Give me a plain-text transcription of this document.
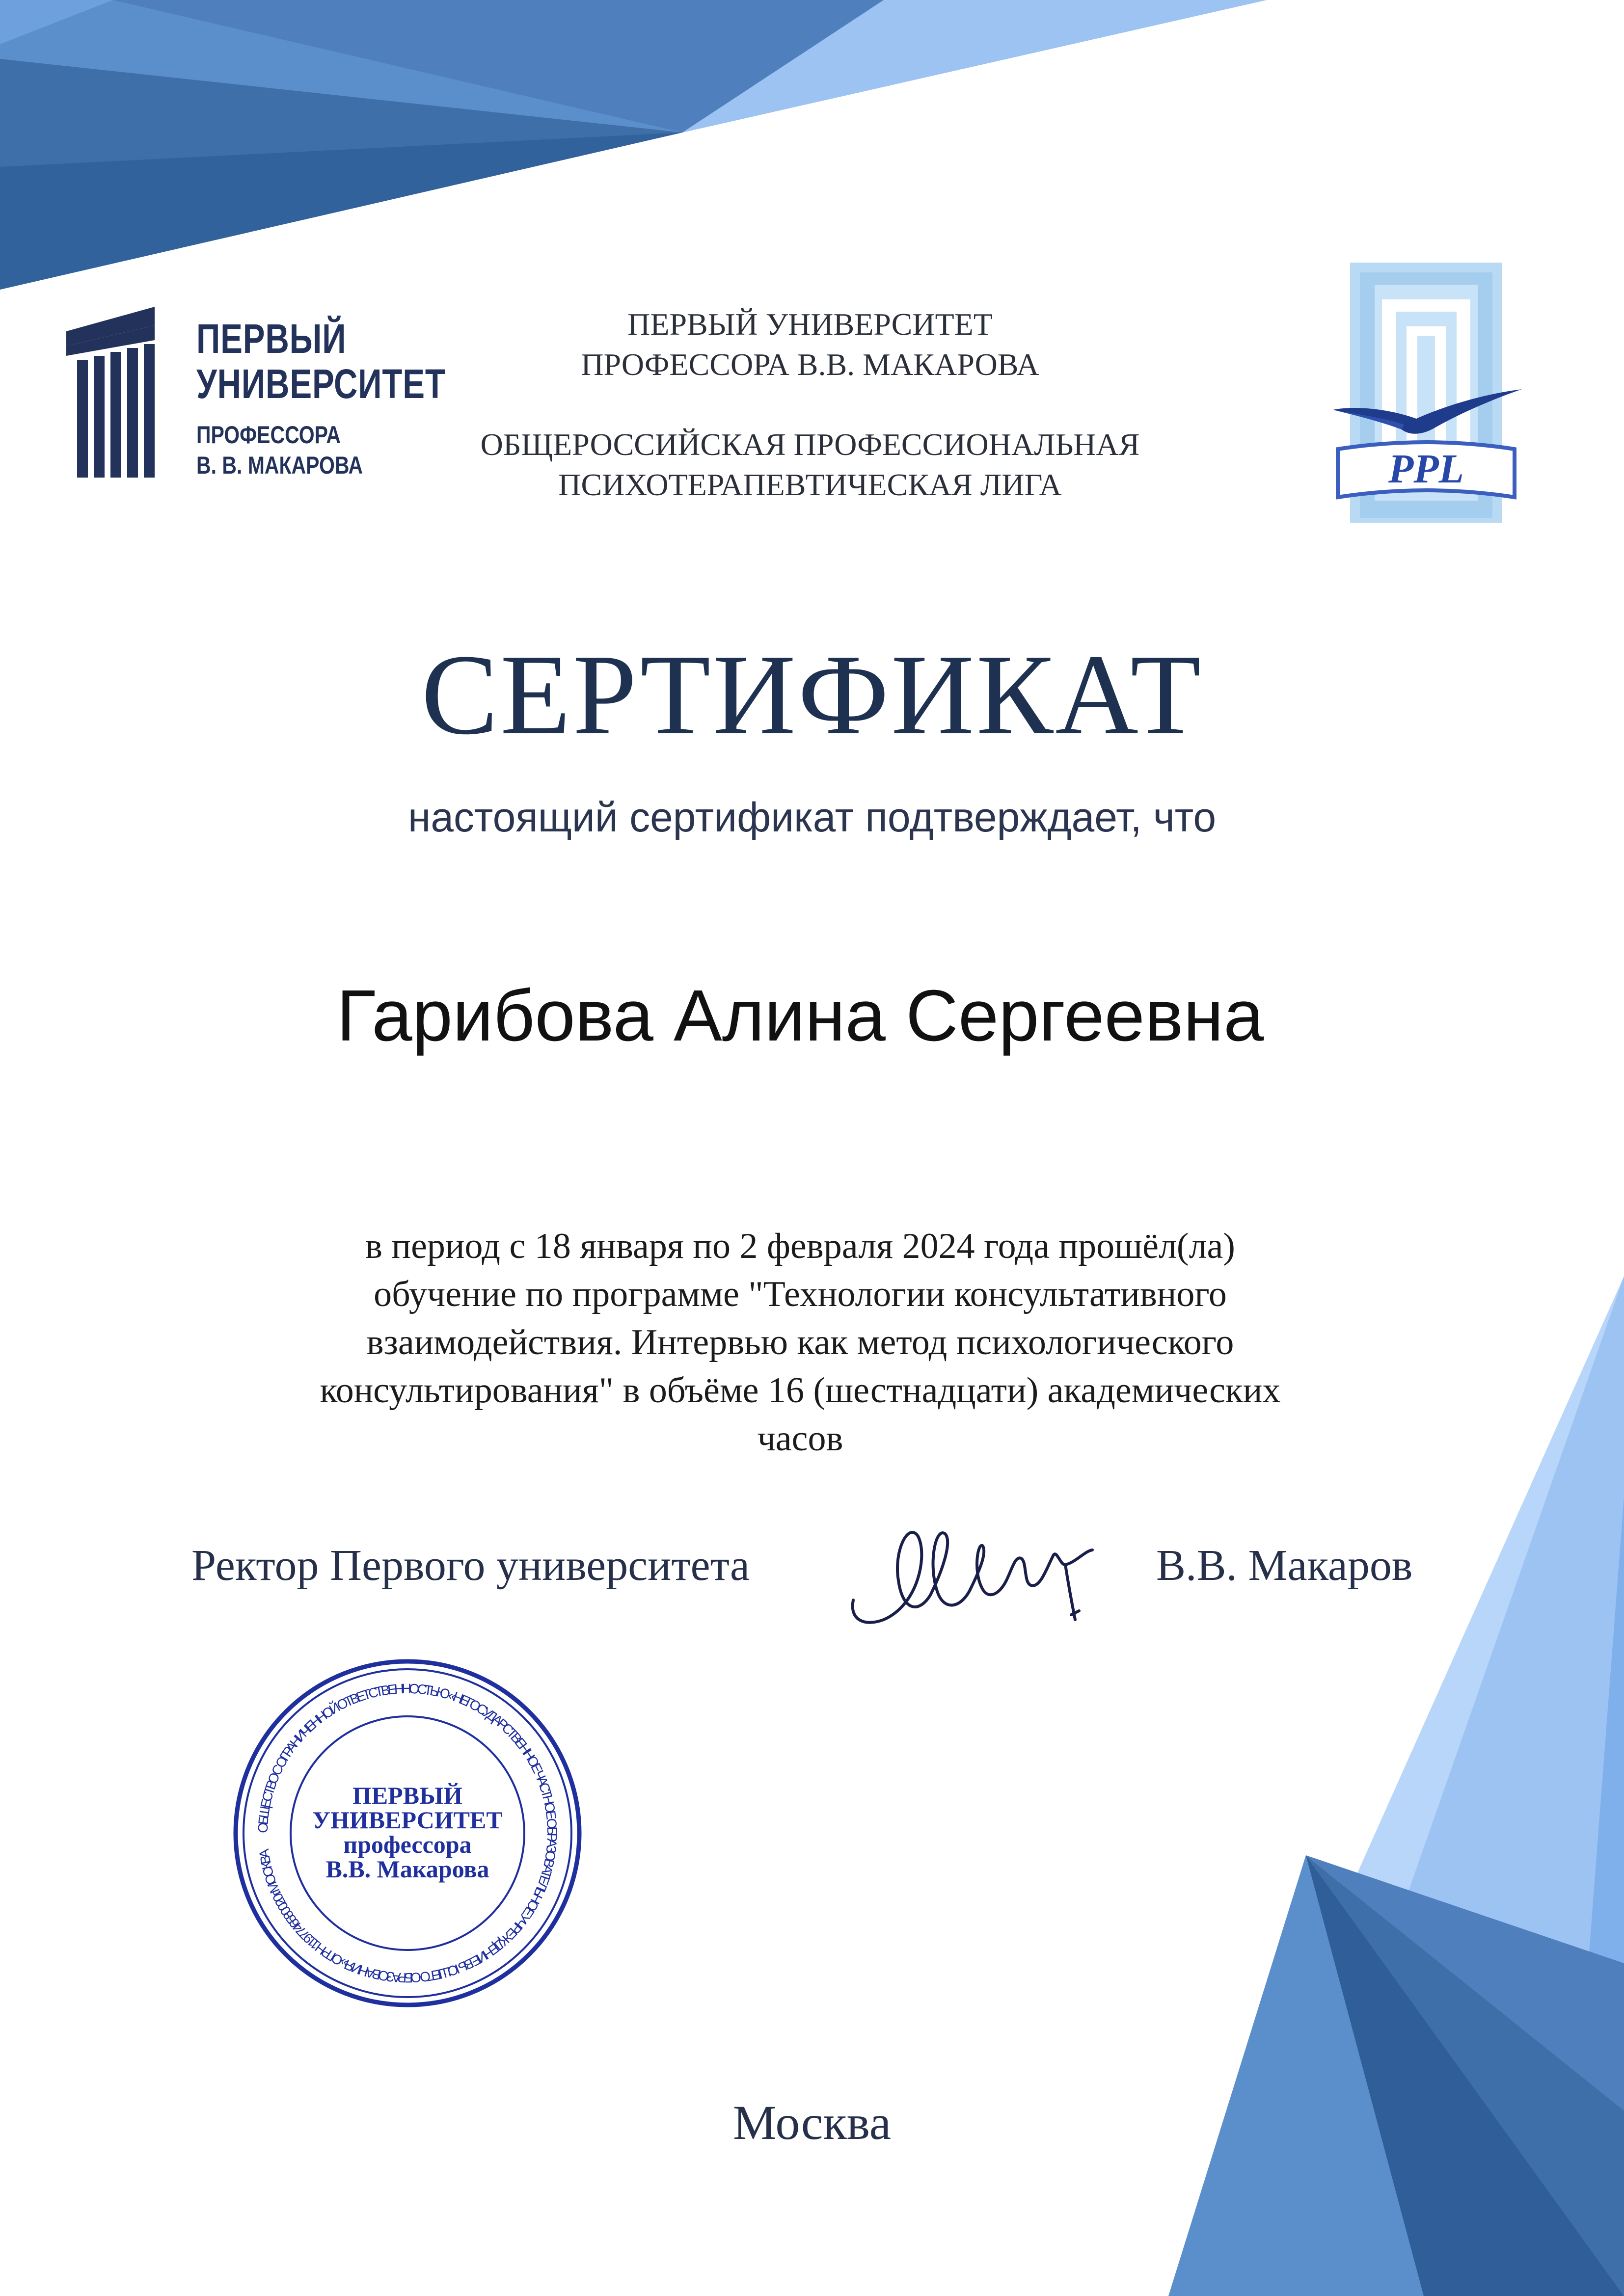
ПЕРВЫЙ
УНИВЕРСИТЕТ
ПРОФЕССОРА
В. В. МАКАРОВА
ПЕРВЫЙ УНИВЕРСИТЕТ
ПРОФЕССОРА В.В. МАКАРОВА
ОБЩЕРОССИЙСКАЯ ПРОФЕССИОНАЛЬНАЯ
ПСИХОТЕРАПЕВТИЧЕСКАЯ ЛИГА	PPL
СЕРТИФИКАТ
настоящий сертификат подтверждает, что
Гарибова Алина Сергеевна
в период с 18 января по 2 февраля 2024 года прошёл(ла)
обучение по программе "Технологии консультативного
взаимодействия. Интервью как метод психологического
консультирования" в объёме 16 (шестнадцати) академических
часов
Ректор Первого университета	В.В. Макаров
ОБЩЕСТВО С ОГРАНИЧЕННОЙ ОТВЕТСТВЕННОСТЬЮ «НЕГОСУДАРСТВЕННОЕ ЧАСТНОЕ ОБРАЗОВАТЕЛЬНОЕ УЧРЕЖДЕНИЕ ВЫСШЕГО ОБРАЗОВАНИЯ» ОГРН 1197746580020 г. МОСКВА
ПЕРВЫЙ
УНИВЕРСИТЕТ
профессора
В.В. Макарова
Москва
